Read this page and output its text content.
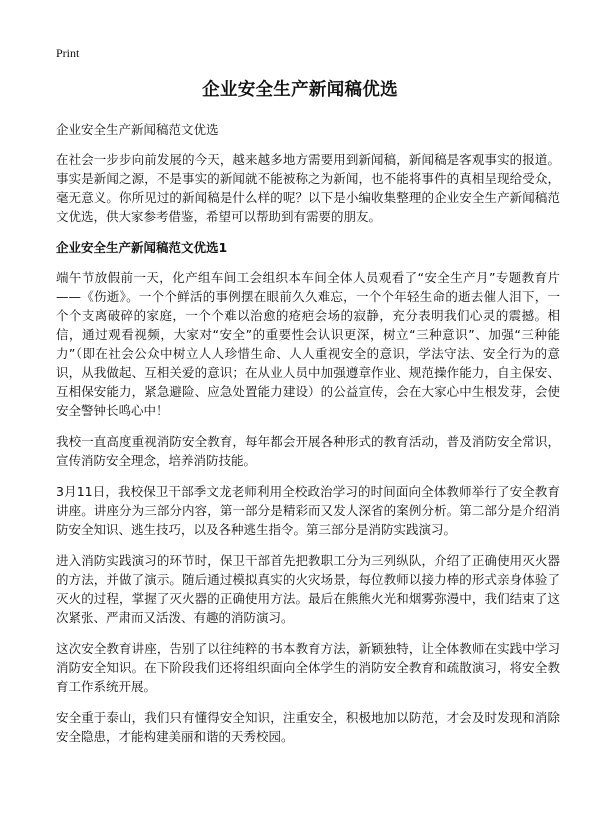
Print
企业安全生产新闻稿优选
企业安全生产新闻稿范文优选

在社会一步步向前发展的今天，越来越多地方需要用到新闻稿，新闻稿是客观事实的报道。事实是新闻之源，不是事实的新闻就不能被称之为新闻，也不能将事件的真相呈现给受众，毫无意义。你所见过的新闻稿是什么样的呢？以下是小编收集整理的企业安全生产新闻稿范文优选，供大家参考借鉴，希望可以帮助到有需要的朋友。

企业安全生产新闻稿范文优选1

端午节放假前一天，化产组车间工会组织本车间全体人员观看了“安全生产月”专题教育片——《伤逝》。一个个鲜活的事例摆在眼前久久难忘，一个个年轻生命的逝去催人泪下，一个个支离破碎的家庭，一个个难以治愈的疮疤会场的寂静，充分表明我们心灵的震撼。相信，通过观看视频，大家对“安全”的重要性会认识更深，树立“三种意识”、加强“三种能力”（即在社会公众中树立人人珍惜生命、人人重视安全的意识，学法守法、安全行为的意识，从我做起、互相关爱的意识；在从业人员中加强遵章作业、规范操作能力，自主保安、互相保安能力，紧急避险、应急处置能力建设）的公益宣传，会在大家心中生根发芽，会使安全警钟长鸣心中！

我校一直高度重视消防安全教育，每年都会开展各种形式的教育活动，普及消防安全常识，宣传消防安全理念，培养消防技能。

3月11日，我校保卫干部季文龙老师利用全校政治学习的时间面向全体教师举行了安全教育讲座。讲座分为三部分内容，第一部分是精彩而又发人深省的案例分析。第二部分是介绍消防安全知识、逃生技巧，以及各种逃生指令。第三部分是消防实践演习。

进入消防实践演习的环节时，保卫干部首先把教职工分为三列纵队，介绍了正确使用灭火器的方法，并做了演示。随后通过模拟真实的火灾场景，每位教师以接力棒的形式亲身体验了灭火的过程，掌握了灭火器的正确使用方法。最后在熊熊火光和烟雾弥漫中，我们结束了这次紧张、严肃而又活泼、有趣的消防演习。

这次安全教育讲座，告别了以往纯粹的书本教育方法，新颖独特，让全体教师在实践中学习消防安全知识。在下阶段我们还将组织面向全体学生的消防安全教育和疏散演习，将安全教育工作系统开展。

安全重于泰山，我们只有懂得安全知识，注重安全，积极地加以防范，才会及时发现和消除安全隐患，才能构建美丽和谐的天秀校园。
